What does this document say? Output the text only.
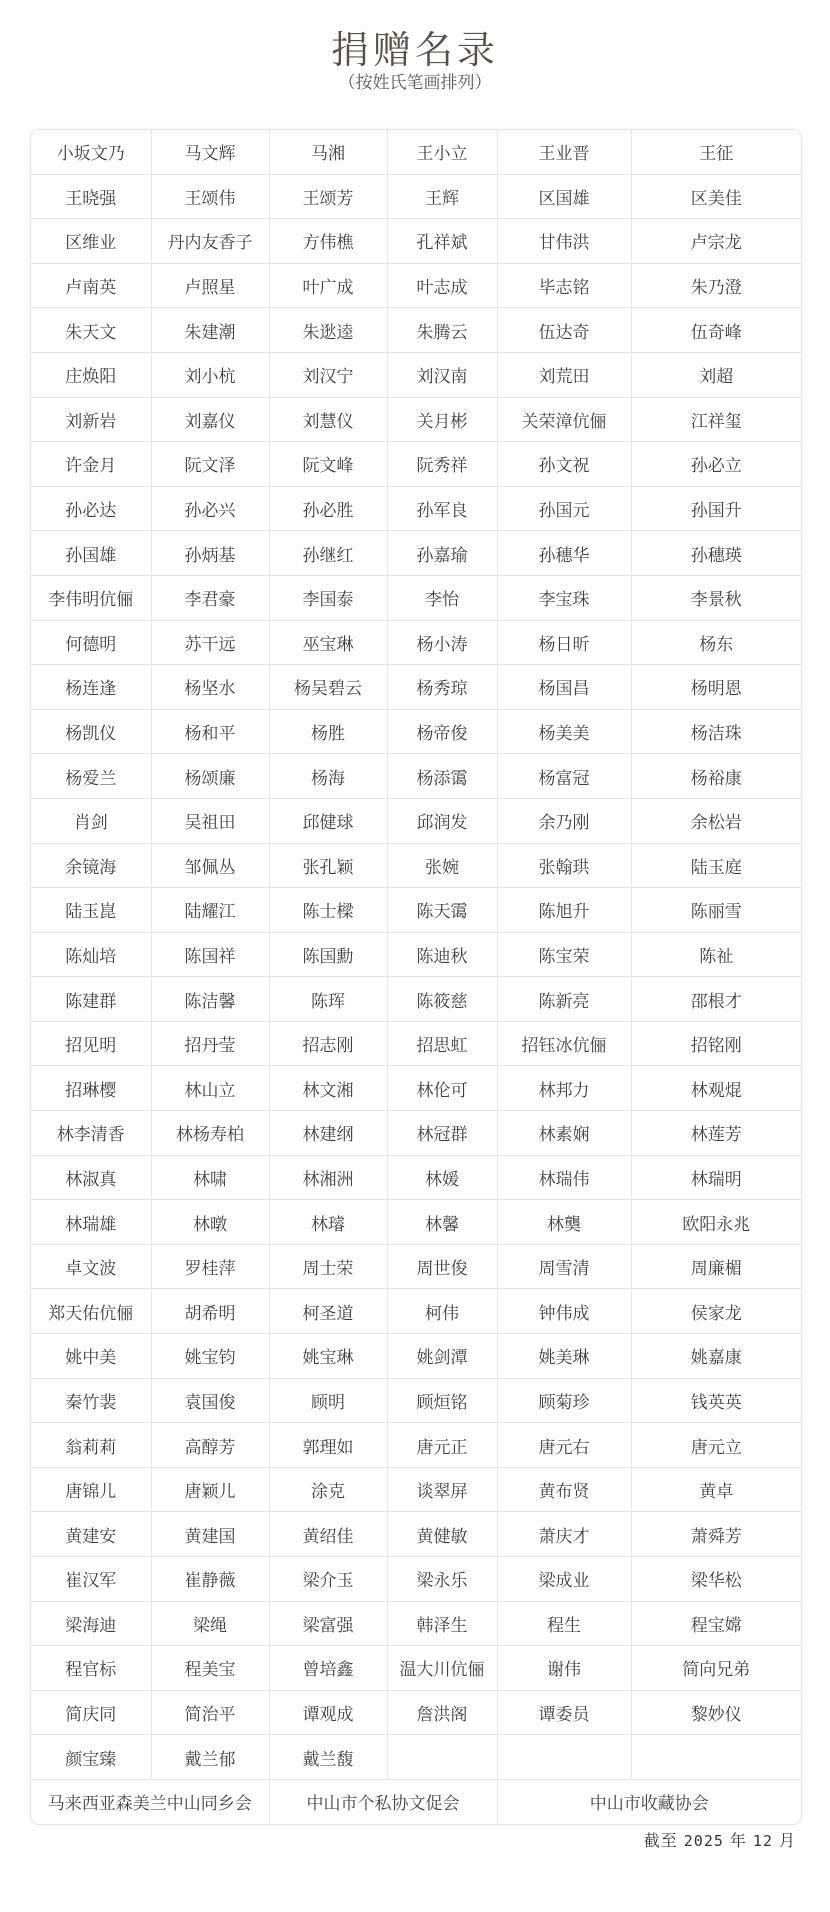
捐赠名录
（按姓氏笔画排列）
小坂文乃	马文辉	马湘	王小立	王业晋	王征
王晓强	王颂伟	王颂芳	王辉	区国雄	区美佳
区维业	丹内友香子	方伟樵	孔祥斌	甘伟洪	卢宗龙
卢南英	卢照星	叶广成	叶志成	毕志铭	朱乃澄
朱天文	朱建潮	朱逖逵	朱腾云	伍达奇	伍奇峰
庄焕阳	刘小杭	刘汉宁	刘汉南	刘荒田	刘超
刘新岩	刘嘉仪	刘慧仪	关月彬	关荣漳伉俪	江祥玺
许金月	阮文泽	阮文峰	阮秀祥	孙文祝	孙必立
孙必达	孙必兴	孙必胜	孙军良	孙国元	孙国升
孙国雄	孙炳基	孙继红	孙嘉瑜	孙穗华	孙穗瑛
李伟明伉俪	李君豪	李国泰	李怡	李宝珠	李景秋
何德明	苏干远	巫宝琳	杨小涛	杨日昕	杨东
杨连逢	杨坚水	杨吴碧云	杨秀琼	杨国昌	杨明恩
杨凯仪	杨和平	杨胜	杨帝俊	杨美美	杨洁珠
杨爱兰	杨颂廉	杨海	杨添霭	杨富冠	杨裕康
肖剑	吴祖田	邱健球	邱润发	余乃刚	余松岩
余镜海	邹佩丛	张孔颖	张婉	张翰珙	陆玉庭
陆玉崑	陆耀江	陈士樑	陈天霭	陈旭升	陈丽雪
陈灿培	陈国祥	陈国勳	陈迪秋	陈宝荣	陈祉
陈建群	陈洁馨	陈珲	陈筱慈	陈新亮	邵根才
招见明	招丹莹	招志刚	招思虹	招钰冰伉俪	招铭刚
招琳樱	林山立	林文湘	林伦可	林邦力	林观焜
林李清香	林杨寿柏	林建纲	林冠群	林素娴	林莲芳
林淑真	林啸	林湘洲	林媛	林瑞伟	林瑞明
林瑞雄	林暾	林璿	林馨	林龑	欧阳永兆
卓文波	罗桂萍	周士荣	周世俊	周雪清	周廉楣
郑天佑伉俪	胡希明	柯圣道	柯伟	钟伟成	侯家龙
姚中美	姚宝钧	姚宝琳	姚剑潭	姚美琳	姚嘉康
秦竹裴	袁国俊	顾明	顾烜铭	顾菊珍	钱英英
翁莉莉	高醇芳	郭理如	唐元正	唐元右	唐元立
唐锦儿	唐颖儿	涂克	谈翠屏	黄布贤	黄卓
黄建安	黄建国	黄绍佳	黄健敏	萧庆才	萧舜芳
崔汉军	崔静薇	梁介玉	梁永乐	梁成业	梁华松
梁海迪	梁绳	梁富强	韩泽生	程生	程宝嫦
程官标	程美宝	曾培鑫	温大川伉俪	谢伟	简向兄弟
简庆同	简治平	谭观成	詹洪阁	谭委员	黎妙仪
颜宝臻	戴兰郁	戴兰馥			
马来西亚森美兰中山同乡会		中山市个私协文促会		中山市收藏协会	
截至 2025 年 12 月
